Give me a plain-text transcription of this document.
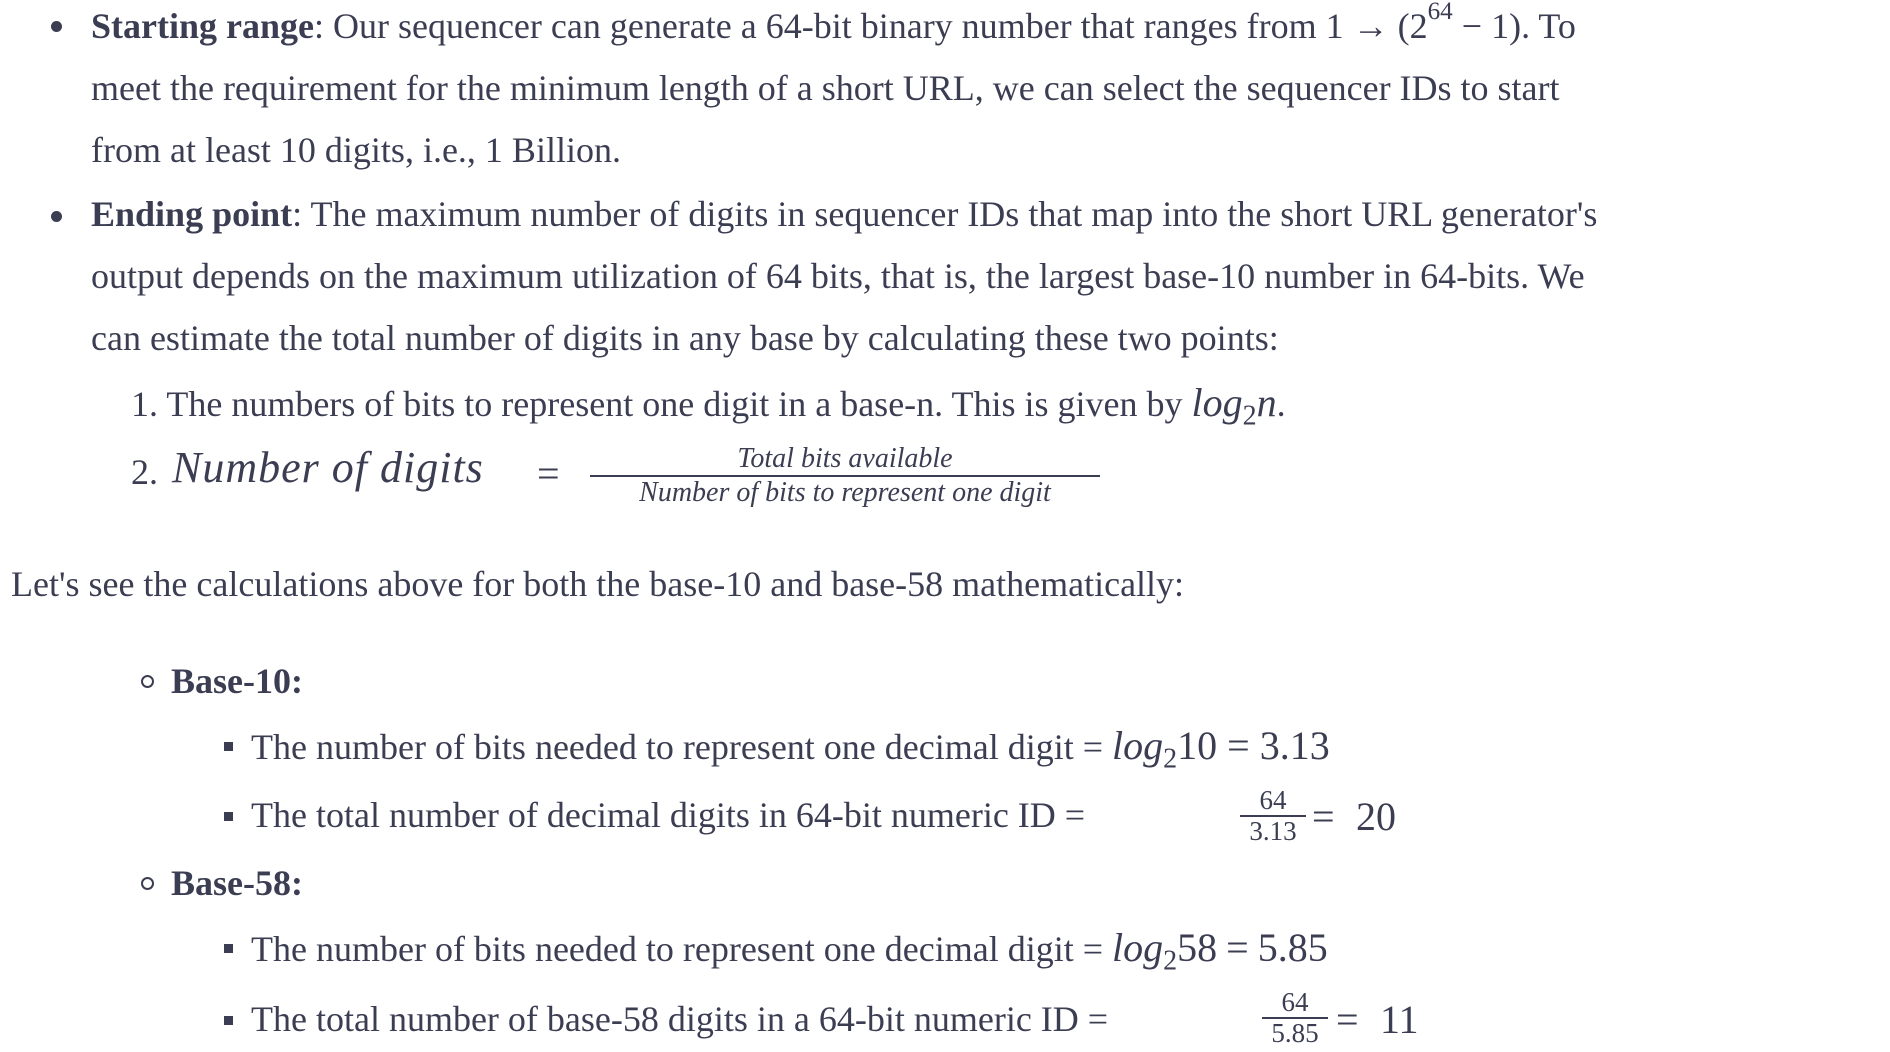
Starting range: Our sequencer can generate a 64-bit binary number that ranges from $1 \to (2^{64} - 1)$. To
meet the requirement for the minimum length of a short URL, we can select the sequencer IDs to start
from at least 10 digits, i.e., 1 Billion.
Ending point: The maximum number of digits in sequencer IDs that map into the short URL generator's
output depends on the maximum utilization of 64 bits, that is, the largest base-10 number in 64-bits. We
can estimate the total number of digits in any base by calculating these two points:
1. The numbers of bits to represent one digit in a base-n. This is given by $\log_2n$.
2. Number of digits =	Total bits available
Number of bits to represent one digit
Let's see the calculations above for both the base-10 and base-58 mathematically:
Base-10:
The number of bits needed to represent one decimal digit = $\log_210 = 3.13$
The total number of decimal digits in 64-bit numeric ID =	64
3.13 = 20
Base-58:
The number of bits needed to represent one decimal digit = $\log_258 = 5.85$
The total number of base-58 digits in a 64-bit numeric ID =	64
5.85 = 11
